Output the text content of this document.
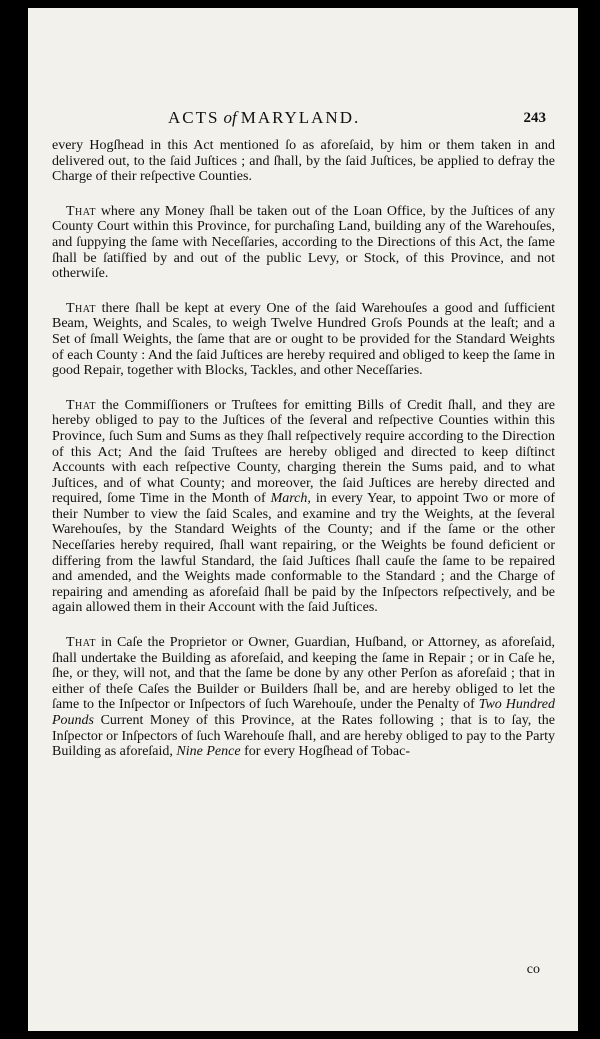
ACTS of MARYLAND.	243

every Hogſhead in this Act mentioned ſo as aforeſaid, by him or them taken in and delivered out, to the ſaid Juſtices ; and ſhall, by the ſaid Juſtices, be applied to defray the Charge of their reſpective Counties.

That where any Money ſhall be taken out of the Loan Office, by the Juſtices of any County Court within this Province, for purchaſing Land, building any of the Warehouſes, and ſuppying the ſame with Neceſſaries, according to the Directions of this Act, the ſame ſhall be ſatiſfied by and out of the public Levy, or Stock, of this Province, and not otherwiſe.

That there ſhall be kept at every One of the ſaid Warehouſes a good and ſufficient Beam, Weights, and Scales, to weigh Twelve Hundred Groſs Pounds at the leaſt; and a Set of ſmall Weights, the ſame that are or ought to be provided for the Standard Weights of each County : And the ſaid Juſtices are hereby required and obliged to keep the ſame in good Repair, together with Blocks, Tackles, and other Neceſſaries.

That the Commiſſioners or Truſtees for emitting Bills of Credit ſhall, and they are hereby obliged to pay to the Juſtices of the ſeveral and reſpective Counties within this Province, ſuch Sum and Sums as they ſhall reſpectively require according to the Direction of this Act; And the ſaid Truſtees are hereby obliged and directed to keep diſtinct Accounts with each reſpective County, charging therein the Sums paid, and to what Juſtices, and of what County; and moreover, the ſaid Juſtices are hereby directed and required, ſome Time in the Month of March, in every Year, to appoint Two or more of their Number to view the ſaid Scales, and examine and try the Weights, at the ſeveral Warehouſes, by the Standard Weights of the County; and if the ſame or the other Neceſſaries hereby required, ſhall want repairing, or the Weights be found deficient or differing from the lawful Standard, the ſaid Juſtices ſhall cauſe the ſame to be repaired and amended, and the Weights made conformable to the Standard ; and the Charge of repairing and amending as aforeſaid ſhall be paid by the Inſpectors reſpectively, and be again allowed them in their Account with the ſaid Juſtices.

That in Caſe the Proprietor or Owner, Guardian, Huſband, or Attorney, as aforeſaid, ſhall undertake the Building as aforeſaid, and keeping the ſame in Repair ; or in Caſe he, ſhe, or they, will not, and that the ſame be done by any other Perſon as aforeſaid ; that in either of theſe Caſes the Builder or Builders ſhall be, and are hereby obliged to let the ſame to the Inſpector or Inſpectors of ſuch Warehouſe, under the Penalty of Two Hundred Pounds Current Money of this Province, at the Rates following ; that is to ſay, the Inſpector or Inſpectors of ſuch Warehouſe ſhall, and are hereby obliged to pay to the Party Building as aforeſaid, Nine Pence for every Hogſhead of Tobac-

co
